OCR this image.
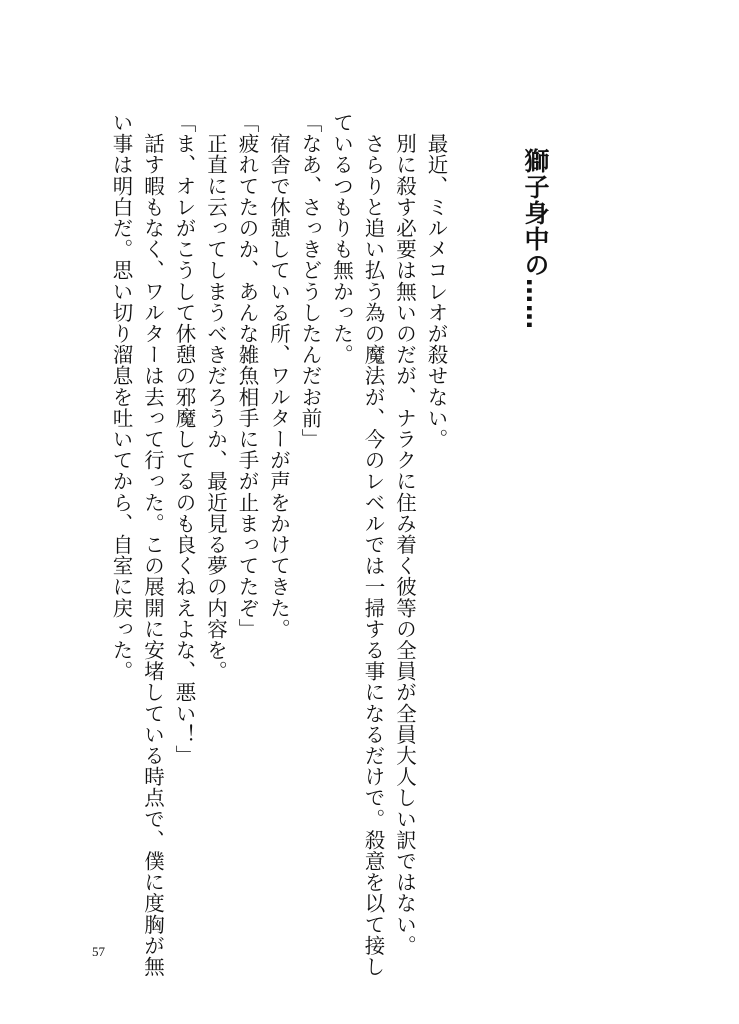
獅子身中の……
　最近、ミルメコレオが殺せない。
　別に殺す必要は無いのだが、ナラクに住み着く彼等の全員が全員大人しい訳ではない。
　さらりと追い払う為の魔法が、今のレベルでは一掃する事になるだけで。殺意を以て接し
ているつもりも無かった。
「なあ、さっきどうしたんだお前」
　宿舎で休憩している所、ワルターが声をかけてきた。
「疲れてたのか、あんな雑魚相手に手が止まってたぞ」
　正直に云ってしまうべきだろうか、最近見る夢の内容を。
「ま、オレがこうして休憩の邪魔してるのも良くねえよな、悪い！」
　話す暇もなく、ワルターは去って行った。この展開に安堵している時点で、僕に度胸が無
い事は明白だ。思い切り溜息を吐いてから、自室に戻った。
57
